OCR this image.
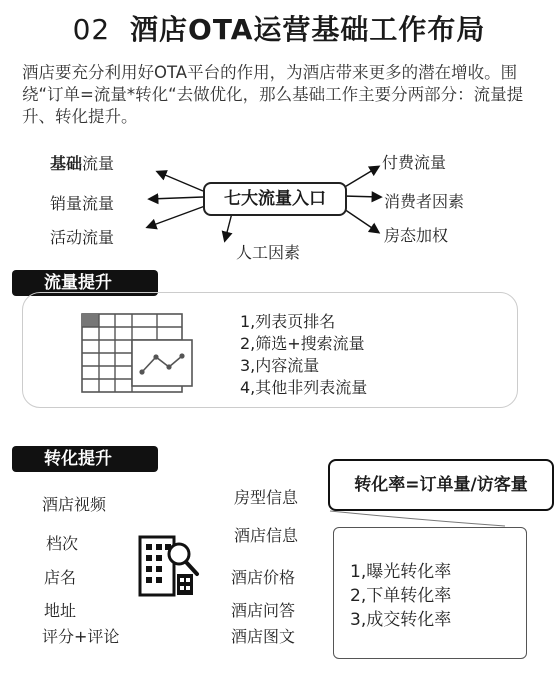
02 酒店OTA运营基础工作布局
酒店要充分利用好OTA平台的作用，为酒店带来更多的潜在增收。围绕“订单=流量*转化“去做优化，那么基础工作主要分两部分：流量提升、转化提升。
基础流量
销量流量
活动流量
七大流量入口
人工因素
付费流量
消费者因素
房态加权
流量提升
1,列表页排名
2,筛选+搜索流量
3,内容流量
4,其他非列表流量
转化提升
酒店视频
档次
店名
地址
评分+评论
房型信息
酒店信息
酒店价格
酒店问答
酒店图文
转化率=订单量/访客量
1,曝光转化率
2,下单转化率
3,成交转化率
